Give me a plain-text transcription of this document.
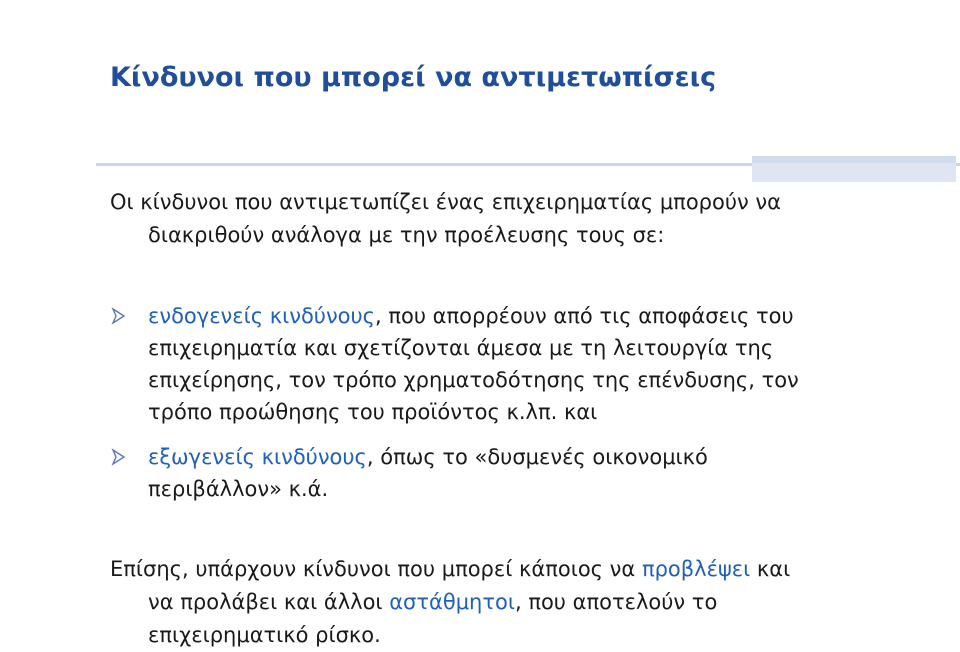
Κίνδυνοι που μπορεί να αντιμετωπίσεις
Οι κίνδυνοι που αντιμετωπίζει ένας επιχειρηματίας μπορούν να
διακριθούν ανάλογα με την προέλευσης τους σε:
ενδογενείς κινδύνους, που απορρέουν από τις αποφάσεις του
επιχειρηματία και σχετίζονται άμεσα με τη λειτουργία της
επιχείρησης, τον τρόπο χρηματοδότησης της επένδυσης, τον
τρόπο προώθησης του προϊόντος κ.λπ. και
εξωγενείς κινδύνους, όπως το «δυσμενές οικονομικό
περιβάλλον» κ.ά.
Επίσης, υπάρχουν κίνδυνοι που μπορεί κάποιος να προβλέψει και
να προλάβει και άλλοι αστάθμητοι, που αποτελούν το
επιχειρηματικό ρίσκο.
